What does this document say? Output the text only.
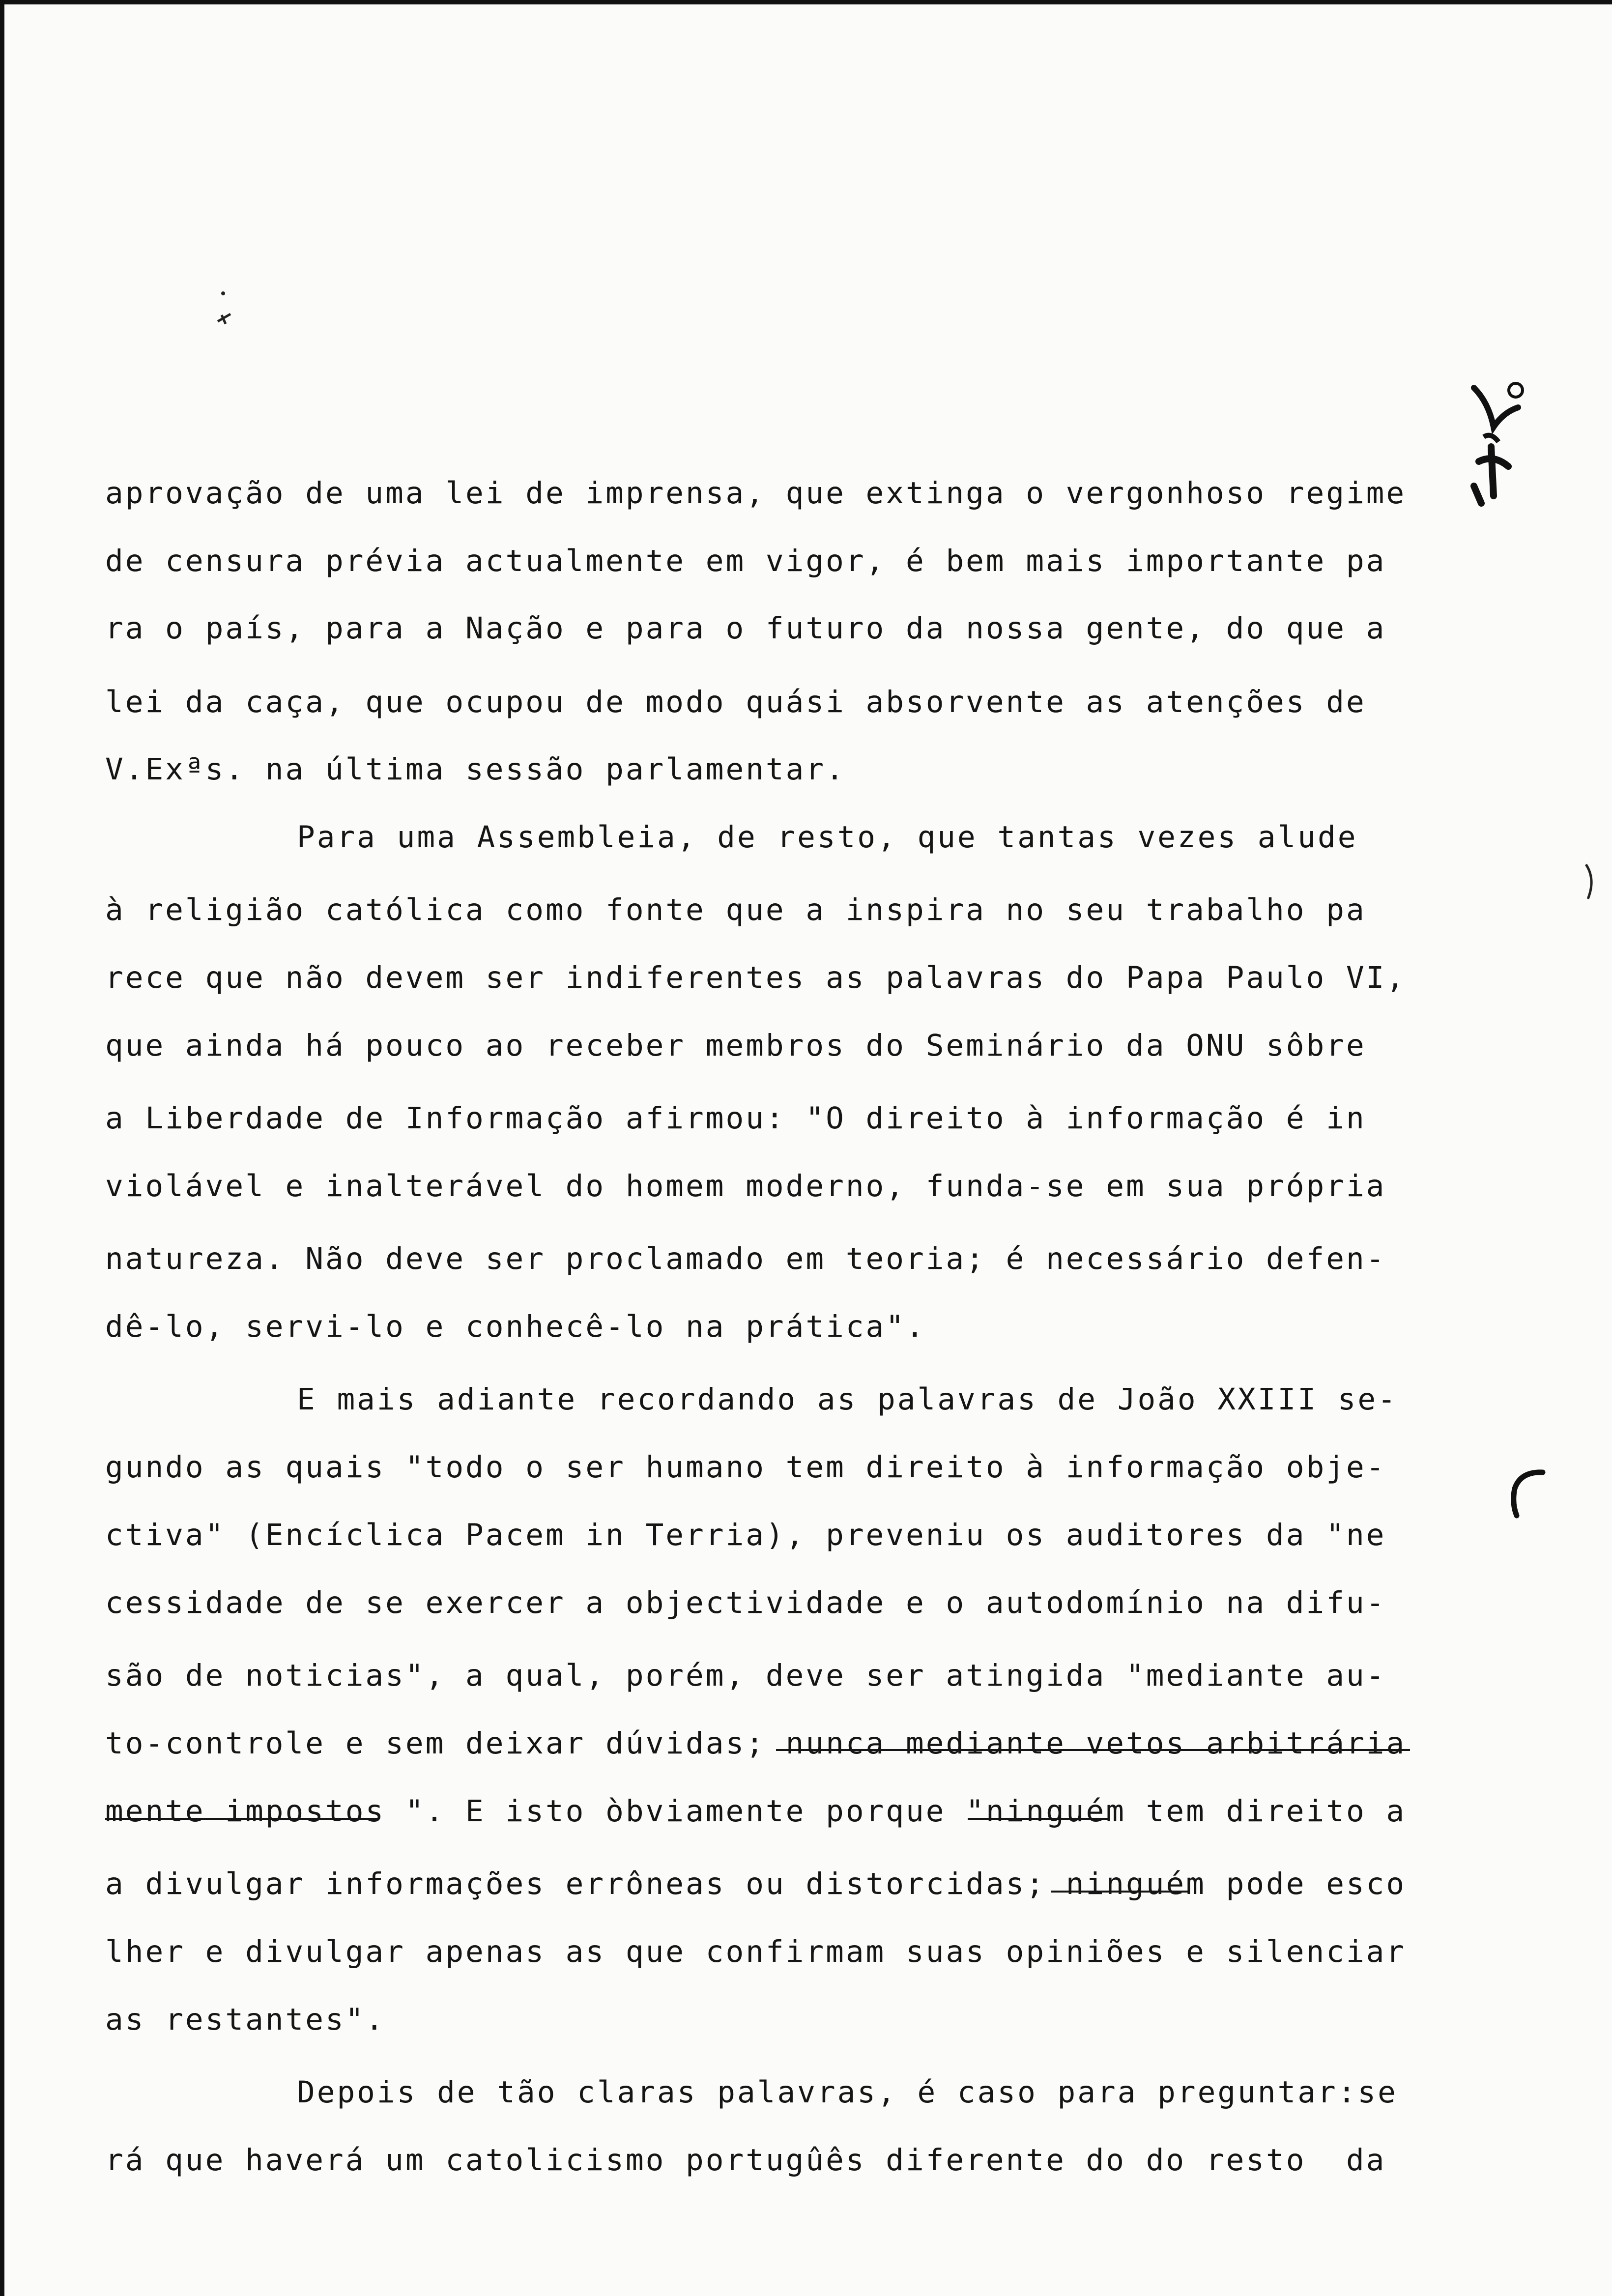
aprovação de uma lei de imprensa, que extinga o vergonhoso regime
de censura prévia actualmente em vigor, é bem mais importante pa
ra o país, para a Nação e para o futuro da nossa gente, do que a
lei da caça, que ocupou de modo quási absorvente as atenções de
V.Exªs. na última sessão parlamentar.
Para uma Assembleia, de resto, que tantas vezes alude
à religião católica como fonte que a inspira no seu trabalho pa
rece que não devem ser indiferentes as palavras do Papa Paulo VI,
que ainda há pouco ao receber membros do Seminário da ONU sôbre
a Liberdade de Informação afirmou: "O direito à informação é in
violável e inalterável do homem moderno, funda-se em sua própria
natureza. Não deve ser proclamado em teoria; é necessário defen-
dê-lo, servi-lo e conhecê-lo na prática".
E mais adiante recordando as palavras de João XXIII se-
gundo as quais "todo o ser humano tem direito à informação obje-
ctiva" (Encíclica Pacem in Terria), preveniu os auditores da "ne
cessidade de se exercer a objectividade e o autodomínio na difu-
são de noticias", a qual, porém, deve ser atingida "mediante au-
to-controle e sem deixar dúvidas; nunca mediante vetos arbitrária
mente impostos ". E isto òbviamente porque "ninguém tem direito a
a divulgar informações errôneas ou distorcidas; ninguém pode esco
lher e divulgar apenas as que confirmam suas opiniões e silenciar
as restantes".
Depois de tão claras palavras, é caso para preguntar:se
rá que haverá um catolicismo portugûês diferente do do resto  da
